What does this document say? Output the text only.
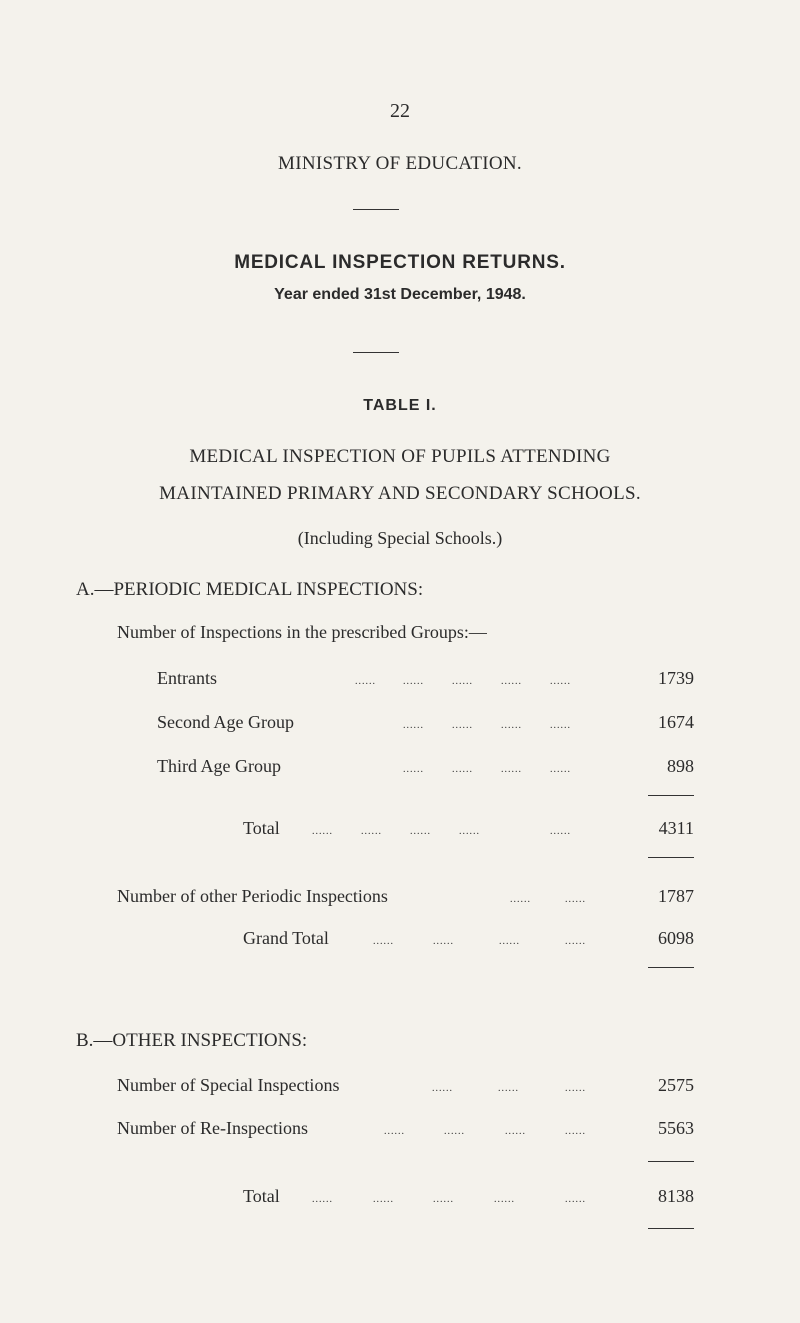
22
MINISTRY OF EDUCATION.
MEDICAL INSPECTION RETURNS.
Year ended 31st December, 1948.
TABLE I.
MEDICAL INSPECTION OF PUPILS ATTENDING
MAINTAINED PRIMARY AND SECONDARY SCHOOLS.
(Including Special Schools.)
A.—PERIODIC MEDICAL INSPECTIONS:
Number of Inspections in the prescribed Groups:—
Entrants	......	......	......	......	......	1739
Second Age Group	......	......	......	......	1674
Third Age Group	......	......	......	......	898
Total	......	......	......	......	......	4311
Number of other Periodic Inspections	......	......	1787
Grand Total	......	......	......	......	6098
B.—OTHER INSPECTIONS:
Number of Special Inspections	......	......	......	2575
Number of Re-Inspections	......	......	......	......	5563
Total	......	......	......	......	......	8138
